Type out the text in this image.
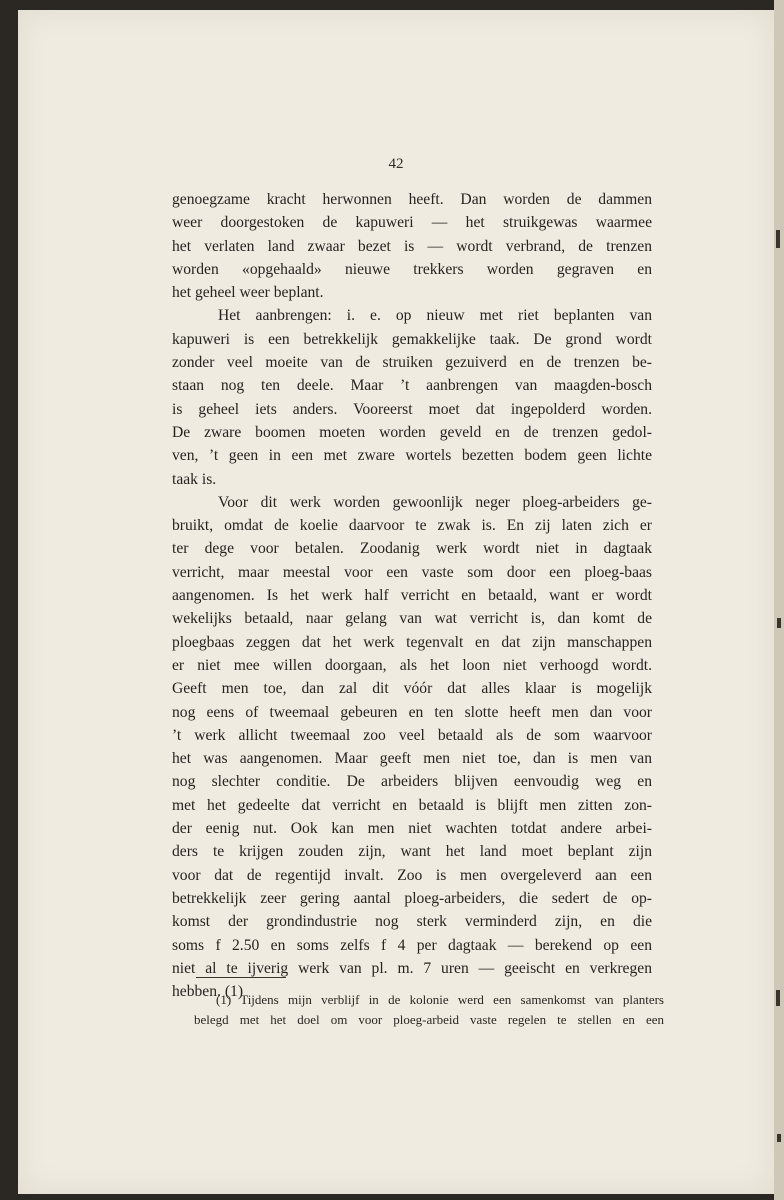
42
genoegzame kracht herwonnen heeft. Dan worden de dammen
weer doorgestoken de kapuweri — het struikgewas waarmee
het verlaten land zwaar bezet is — wordt verbrand, de trenzen
worden «opgehaald» nieuwe trekkers worden gegraven en
het geheel weer beplant.
Het aanbrengen: i. e. op nieuw met riet beplanten van
kapuweri is een betrekkelijk gemakkelijke taak. De grond wordt
zonder veel moeite van de struiken gezuiverd en de trenzen be-
staan nog ten deele. Maar ’t aanbrengen van maagden-bosch
is geheel iets anders. Vooreerst moet dat ingepolderd worden.
De zware boomen moeten worden geveld en de trenzen gedol-
ven, ’t geen in een met zware wortels bezetten bodem geen lichte
taak is.
Voor dit werk worden gewoonlijk neger ploeg-arbeiders ge-
bruikt, omdat de koelie daarvoor te zwak is. En zij laten zich er
ter dege voor betalen. Zoodanig werk wordt niet in dagtaak
verricht, maar meestal voor een vaste som door een ploeg-baas
aangenomen. Is het werk half verricht en betaald, want er wordt
wekelijks betaald, naar gelang van wat verricht is, dan komt de
ploegbaas zeggen dat het werk tegenvalt en dat zijn manschappen
er niet mee willen doorgaan, als het loon niet verhoogd wordt.
Geeft men toe, dan zal dit vóór dat alles klaar is mogelijk
nog eens of tweemaal gebeuren en ten slotte heeft men dan voor
’t werk allicht tweemaal zoo veel betaald als de som waarvoor
het was aangenomen. Maar geeft men niet toe, dan is men van
nog slechter conditie. De arbeiders blijven eenvoudig weg en
met het gedeelte dat verricht en betaald is blijft men zitten zon-
der eenig nut. Ook kan men niet wachten totdat andere arbei-
ders te krijgen zouden zijn, want het land moet beplant zijn
voor dat de regentijd invalt. Zoo is men overgeleverd aan een
betrekkelijk zeer gering aantal ploeg-arbeiders, die sedert de op-
komst der grondindustrie nog sterk verminderd zijn, en die
soms f 2.50 en soms zelfs f 4 per dagtaak — berekend op een
niet al te ijverig werk van pl. m. 7 uren — geeischt en verkregen
hebben. (1)
(1) Tijdens mijn verblijf in de kolonie werd een samenkomst van planters
belegd met het doel om voor ploeg-arbeid vaste regelen te stellen en een
